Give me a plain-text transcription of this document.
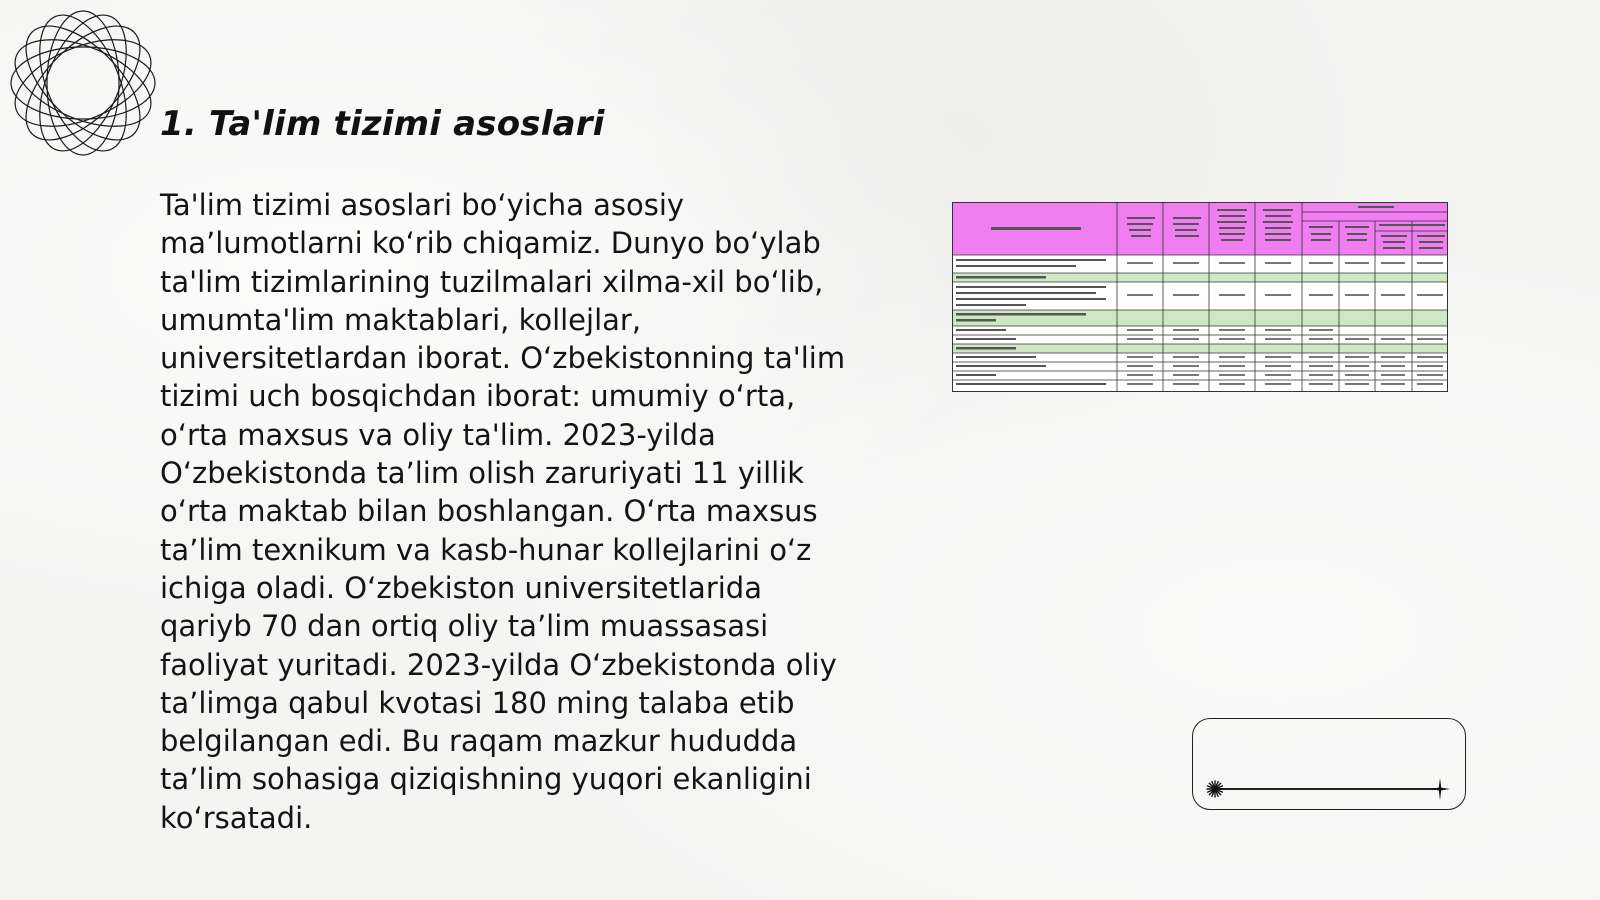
1. Ta'lim tizimi asoslari

Ta'lim tizimi asoslari bo‘yicha asosiy ma’lumotlarni ko‘rib chiqamiz. Dunyo bo‘ylab ta'lim tizimlarining tuzilmalari xilma-xil bo‘lib, umumta'lim maktablari, kollejlar, universitetlardan iborat. O‘zbekistonning ta'lim tizimi uch bosqichdan iborat: umumiy o‘rta, o‘rta maxsus va oliy ta'lim. 2023-yilda O‘zbekistonda ta’lim olish zaruriyati 11 yillik o‘rta maktab bilan boshlangan. O‘rta maxsus ta’lim texnikum va kasb-hunar kollejlarini o‘z ichiga oladi. O‘zbekiston universitetlarida qariyb 70 dan ortiq oliy ta’lim muassasasi faoliyat yuritadi. 2023-yilda O‘zbekistonda oliy ta’limga qabul kvotasi 180 ming talaba etib belgilangan edi. Bu raqam mazkur hududda ta’lim sohasiga qiziqishning yuqori ekanligini ko‘rsatadi.
